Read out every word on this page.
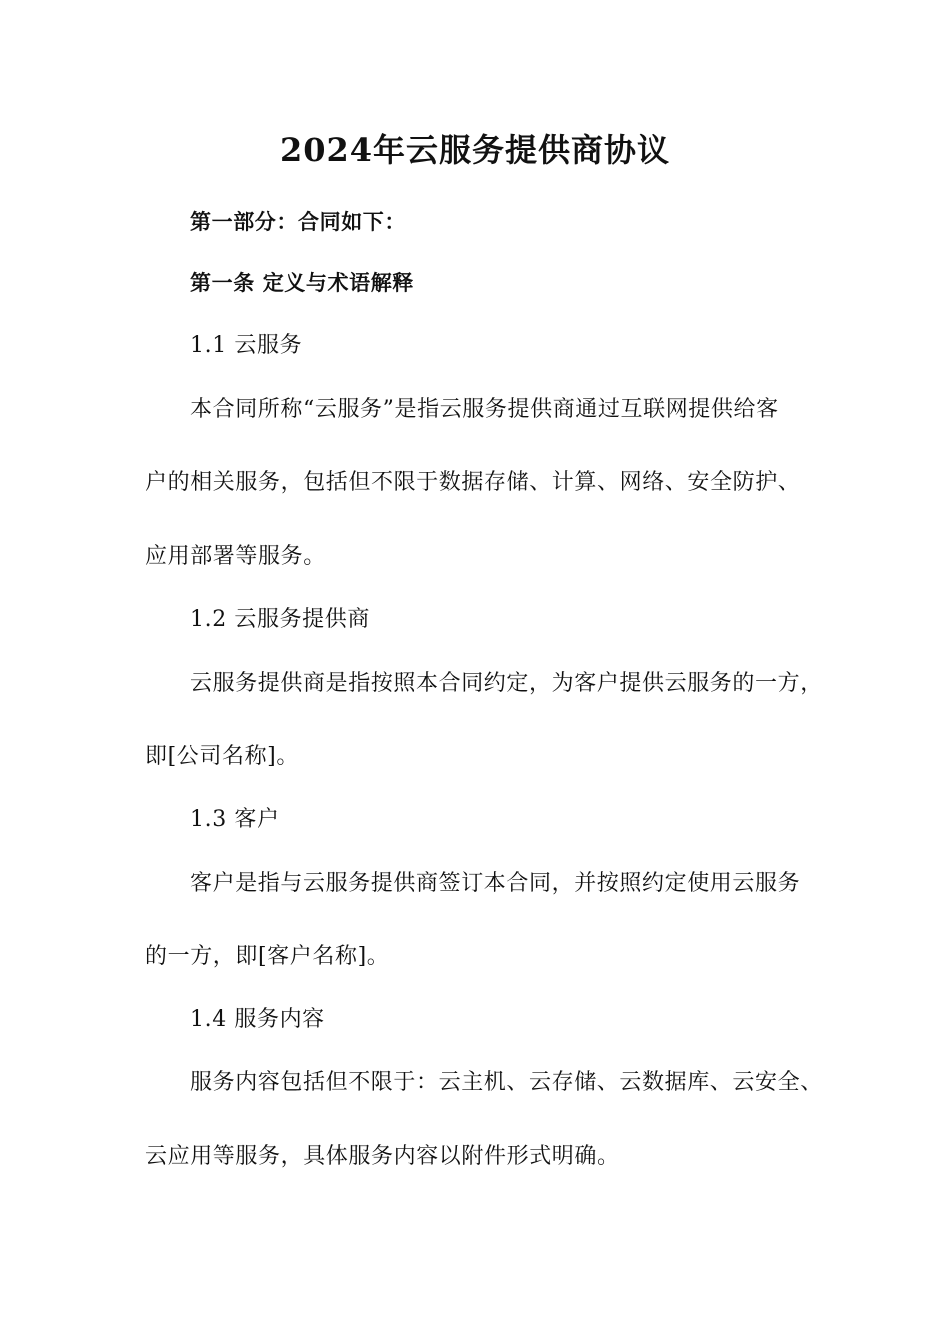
2024年云服务提供商协议
第一部分：合同如下：
第一条 定义与术语解释
1.1 云服务
本合同所称“云服务”是指云服务提供商通过互联网提供给客
户的相关服务，包括但不限于数据存储、计算、网络、安全防护、
应用部署等服务。
1.2 云服务提供商
云服务提供商是指按照本合同约定，为客户提供云服务的一方，
即[公司名称]。
1.3 客户
客户是指与云服务提供商签订本合同，并按照约定使用云服务
的一方，即[客户名称]。
1.4 服务内容
服务内容包括但不限于：云主机、云存储、云数据库、云安全、
云应用等服务，具体服务内容以附件形式明确。
